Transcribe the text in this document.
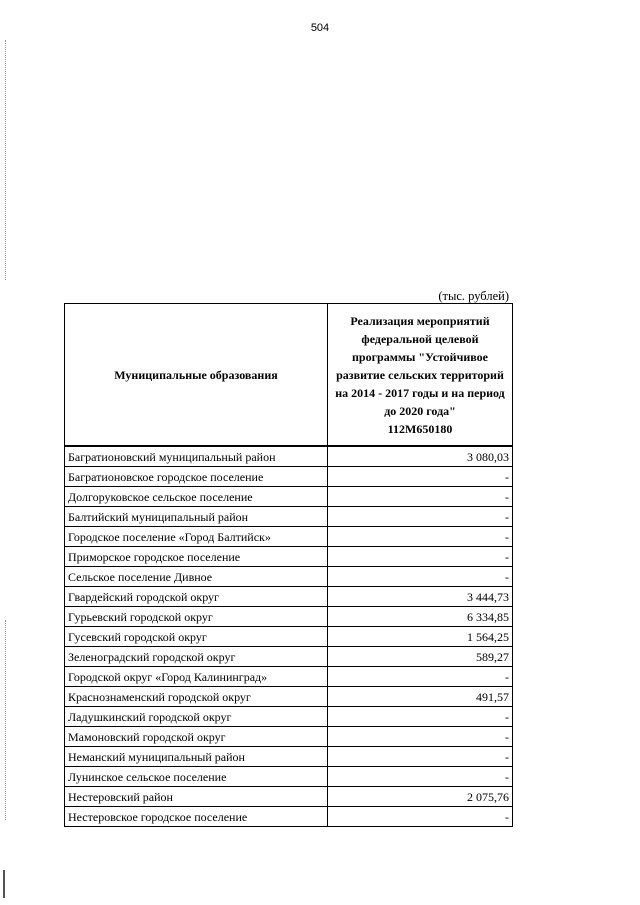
504
(тыс. рублей)
Муниципальные образования	Реализация мероприятий федеральной целевой программы "Устойчивое развитие сельских территорий на 2014 - 2017 годы и на период до 2020 года"
112М650180

Багратионовский муниципальный район	3 080,03
Багратионовское городское поселение	-
Долгоруковское сельское поселение	-
Балтийский муниципальный район	-
Городское поселение «Город Балтийск»	-
Приморское городское поселение	-
Сельское поселение Дивное	-
Гвардейский городской округ	3 444,73
Гурьевский городской округ	6 334,85
Гусевский городской округ	1 564,25
Зеленоградский городской округ	589,27
Городской округ «Город Калининград»	-
Краснознаменский городской округ	491,57
Ладушкинский городской округ	-
Мамоновский городской округ	-
Неманский муниципальный район	-
Лунинское сельское поселение	-
Нестеровский район	2 075,76
Нестеровское городское поселение	-
